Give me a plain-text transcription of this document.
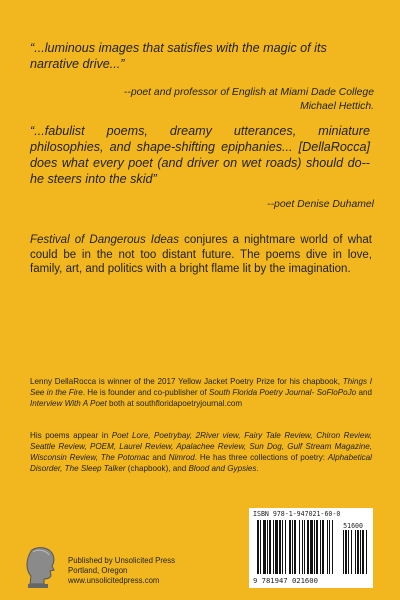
“...luminous images that satisfies with the magic of its narrative drive...”
--poet and professor of English at Miami Dade College
Michael Hettich.
“...fabulist poems, dreamy utterances, miniature philosophies, and shape-shifting epiphanies... [DellaRocca] does what every poet (and driver on wet roads) should do--he steers into the skid”
--poet Denise Duhamel
Festival of Dangerous Ideas conjures a nightmare world of what could be in the not too distant future. The poems dive in love, family, art, and politics with a bright flame lit by the imagination.
Lenny DellaRocca is winner of the 2017 Yellow Jacket Poetry Prize for his chapbook, Things I See in the Fire. He is founder and co-publisher of South Florida Poetry Journal- SoFloPoJo and Interview With A Poet both at southfloridapoetryjournal.com
His poems appear in Poet Lore, Poetrybay, 2River view, Fairy Tale Review, Chiron Review, Seattle Review, POEM, Laurel Review, Apalachee Review, Sun Dog, Gulf Stream Magazine, Wisconsin Review, The Potomac and Nimrod. He has three collections of poetry: Alphabetical Disorder, The Sleep Talker (chapbook), and Blood and Gypsies.
Published by Unsolicited Press
Portland, Oregon
www.unsolicitedpress.com
ISBN 978-1-947021-60-0
51600
9 781947 021600
